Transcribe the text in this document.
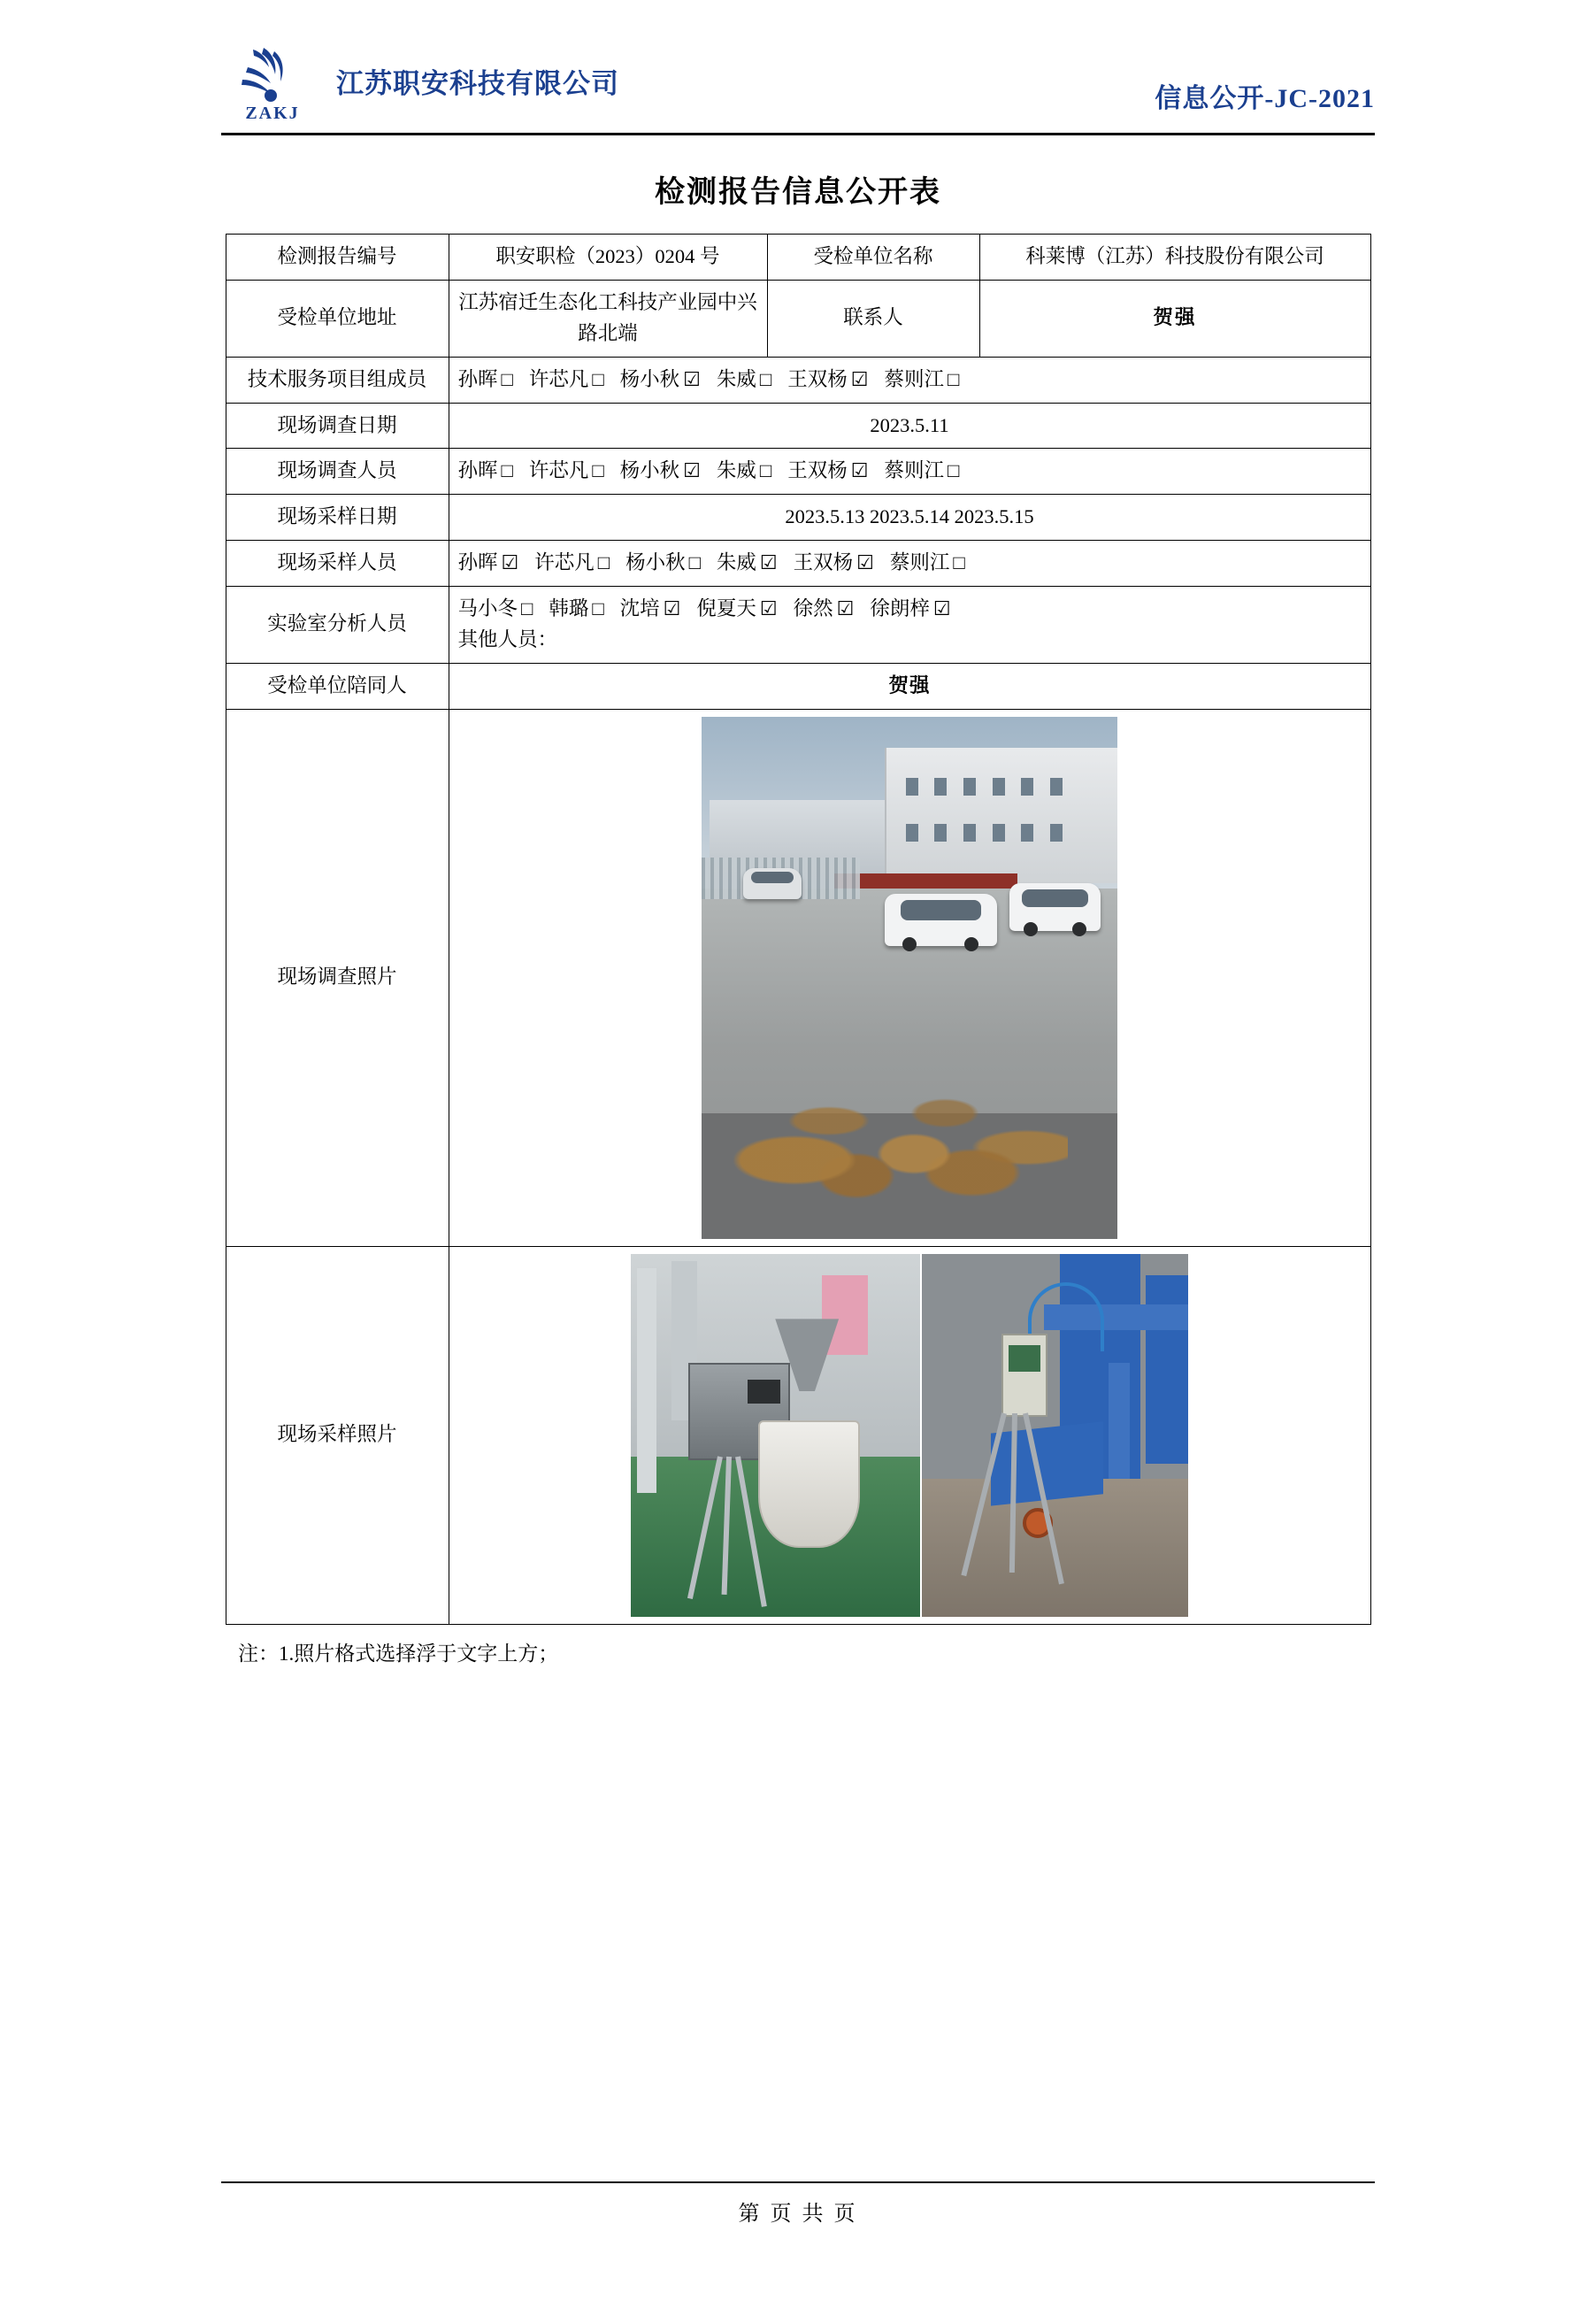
ZAKJ
江苏职安科技有限公司	信息公开-JC-2021
检测报告信息公开表
检测报告编号	职安职检（2023）0204 号	受检单位名称	科莱博（江苏）科技股份有限公司
受检单位地址	江苏宿迁生态化工科技产业园中兴路北端	联系人	贺强
技术服务项目组成员	孙晖 □ 许芯凡 □ 杨小秋 ☑ 朱威 □ 王双杨 ☑ 蔡则江 □		
现场调查日期	2023.5.11		
现场调查人员	孙晖 □ 许芯凡 □ 杨小秋 ☑ 朱威 □ 王双杨 ☑ 蔡则江 □		
现场采样日期	2023.5.13 2023.5.14 2023.5.15		
现场采样人员	孙晖 ☑ 许芯凡 □ 杨小秋 □ 朱威 ☑ 王双杨 ☑ 蔡则江 □		
实验室分析人员	马小冬 □ 韩璐 □ 沈培 ☑ 倪夏天 ☑ 徐然 ☑ 徐朗梓 ☑
其他人员：		

受检单位陪同人	贺强		
现场调查照片			

现场采样照片			
注：1.照片格式选择浮于文字上方；
第 页 共 页
